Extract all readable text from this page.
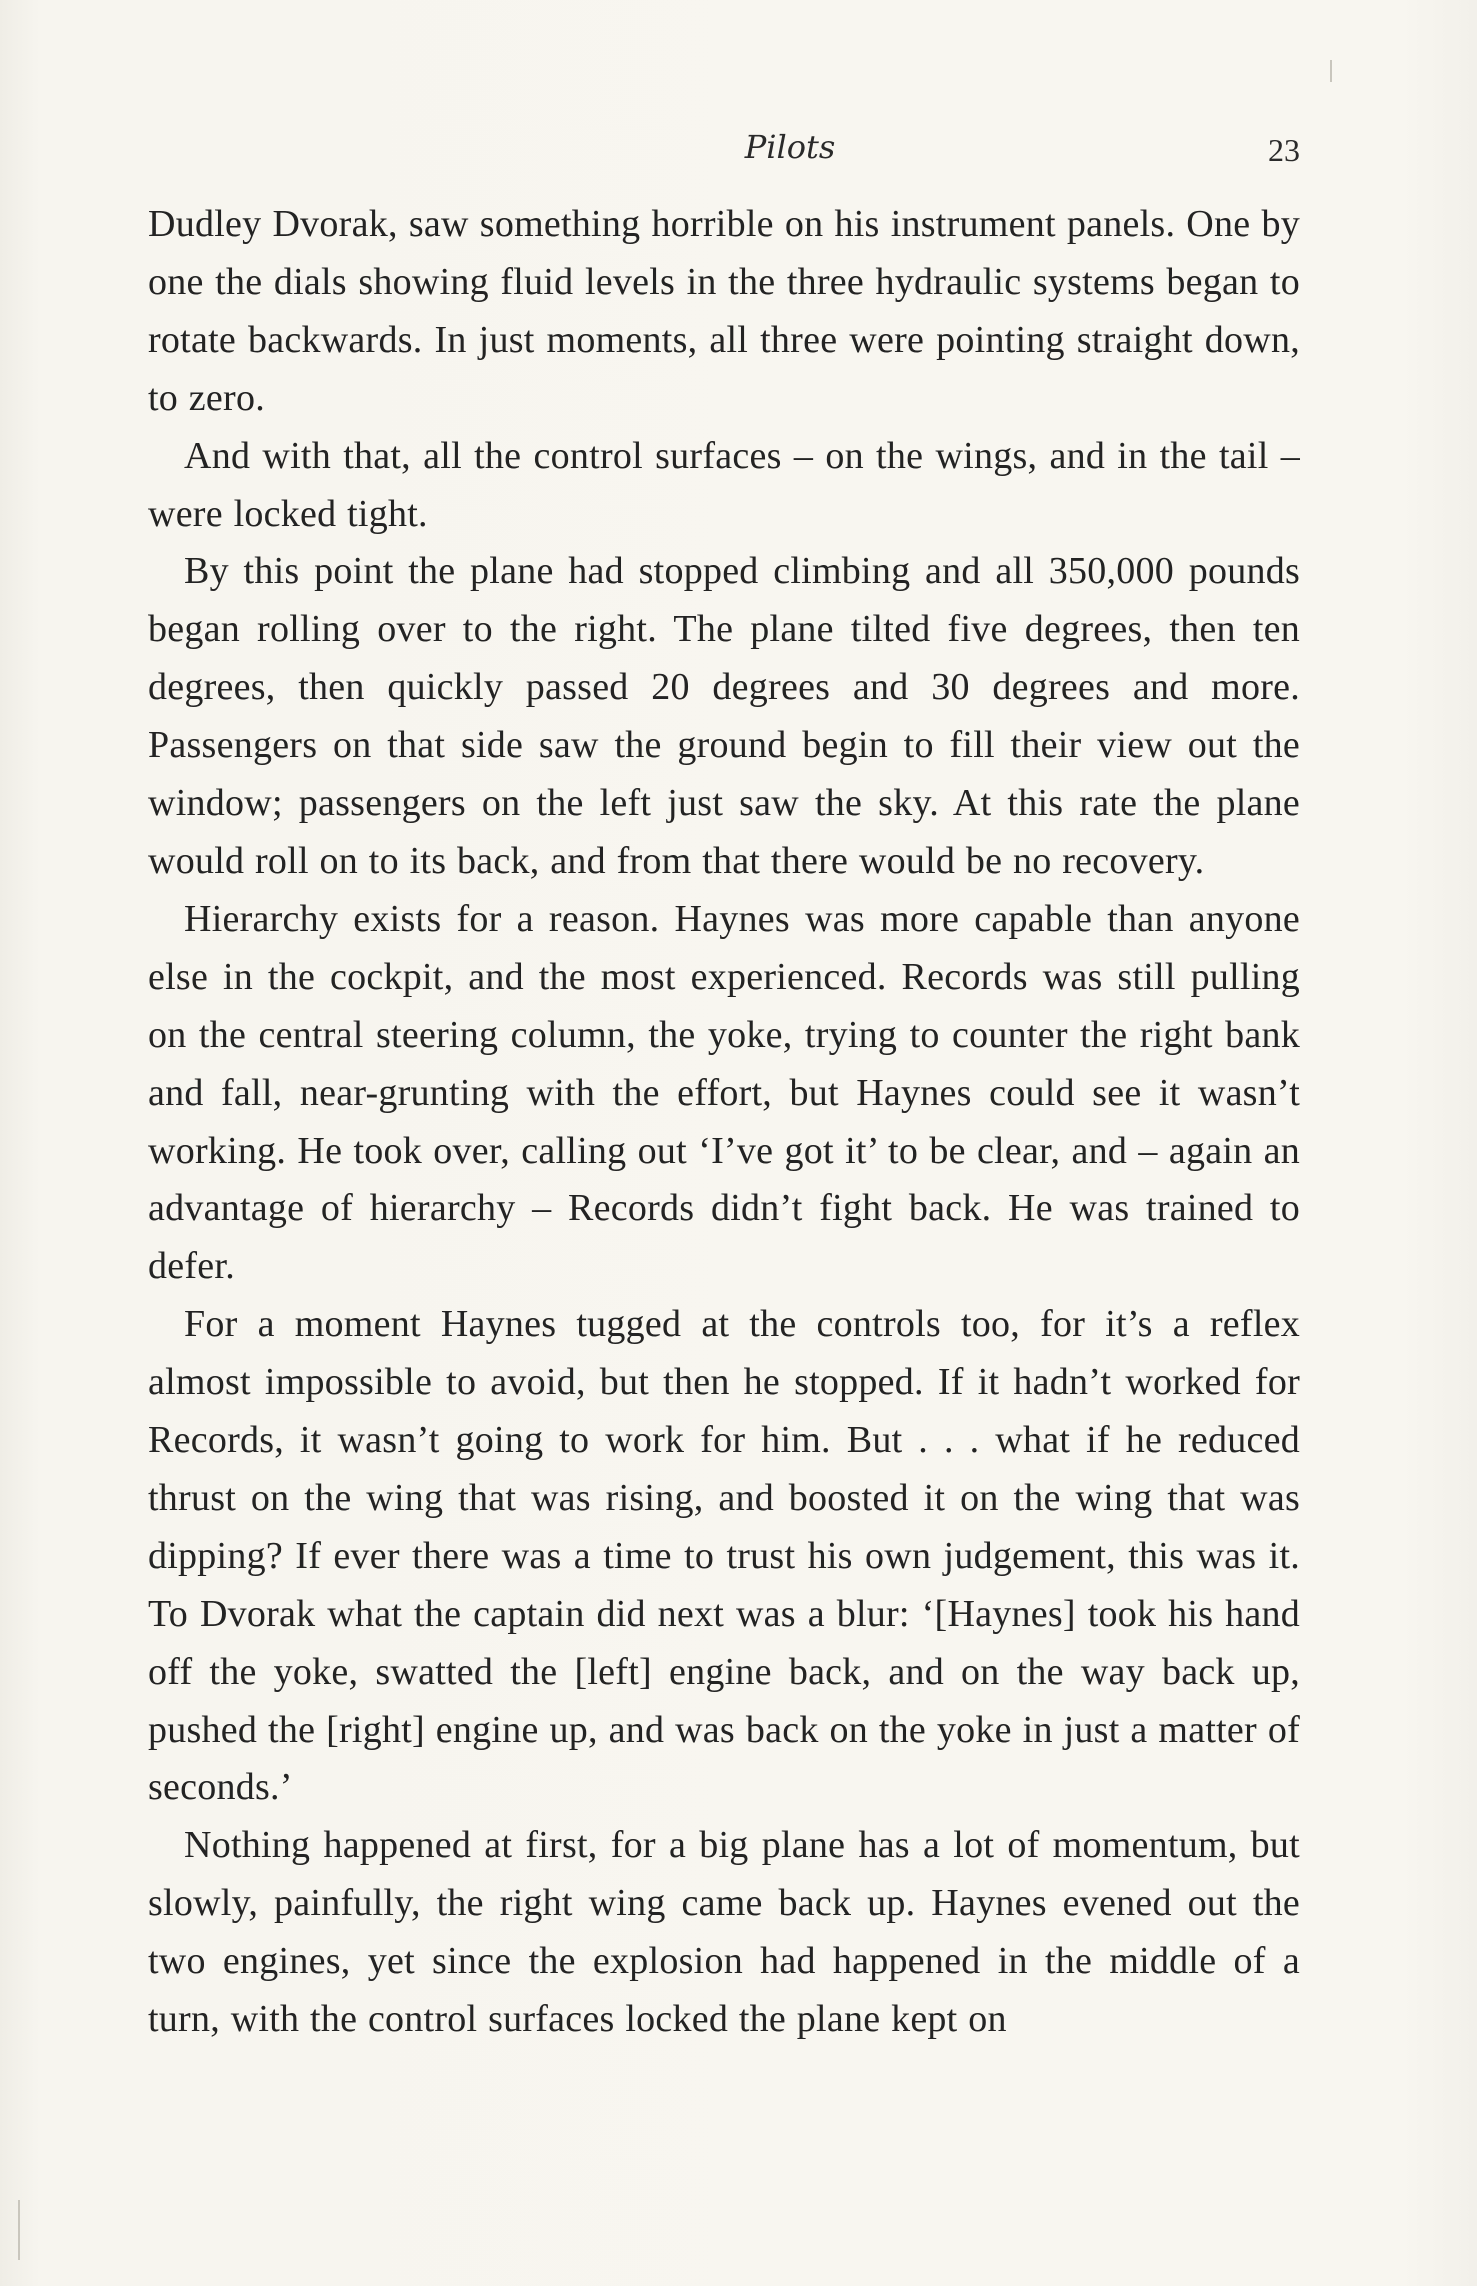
Pilots	23

Dudley Dvorak, saw something horrible on his instrument panels. One by one the dials showing fluid levels in the three hydraulic systems began to rotate backwards. In just moments, all three were pointing straight down, to zero.

And with that, all the control surfaces – on the wings, and in the tail – were locked tight.

By this point the plane had stopped climbing and all 350,000 pounds began rolling over to the right. The plane tilted five degrees, then ten degrees, then quickly passed 20 degrees and 30 degrees and more. Passengers on that side saw the ground begin to fill their view out the window; passengers on the left just saw the sky. At this rate the plane would roll on to its back, and from that there would be no recovery.

Hierarchy exists for a reason. Haynes was more capable than anyone else in the cockpit, and the most experienced. Records was still pulling on the central steering column, the yoke, trying to counter the right bank and fall, near-grunting with the effort, but Haynes could see it wasn’t working. He took over, calling out ‘I’ve got it’ to be clear, and – again an advantage of hierarchy – Records didn’t fight back. He was trained to defer.

For a moment Haynes tugged at the controls too, for it’s a reflex almost impossible to avoid, but then he stopped. If it hadn’t worked for Records, it wasn’t going to work for him. But . . . what if he reduced thrust on the wing that was rising, and boosted it on the wing that was dipping? If ever there was a time to trust his own judgement, this was it. To Dvorak what the captain did next was a blur: ‘[Haynes] took his hand off the yoke, swatted the [left] engine back, and on the way back up, pushed the [right] engine up, and was back on the yoke in just a matter of seconds.’

Nothing happened at first, for a big plane has a lot of momentum, but slowly, painfully, the right wing came back up. Haynes evened out the two engines, yet since the explosion had happened in the middle of a turn, with the control surfaces locked the plane kept on
